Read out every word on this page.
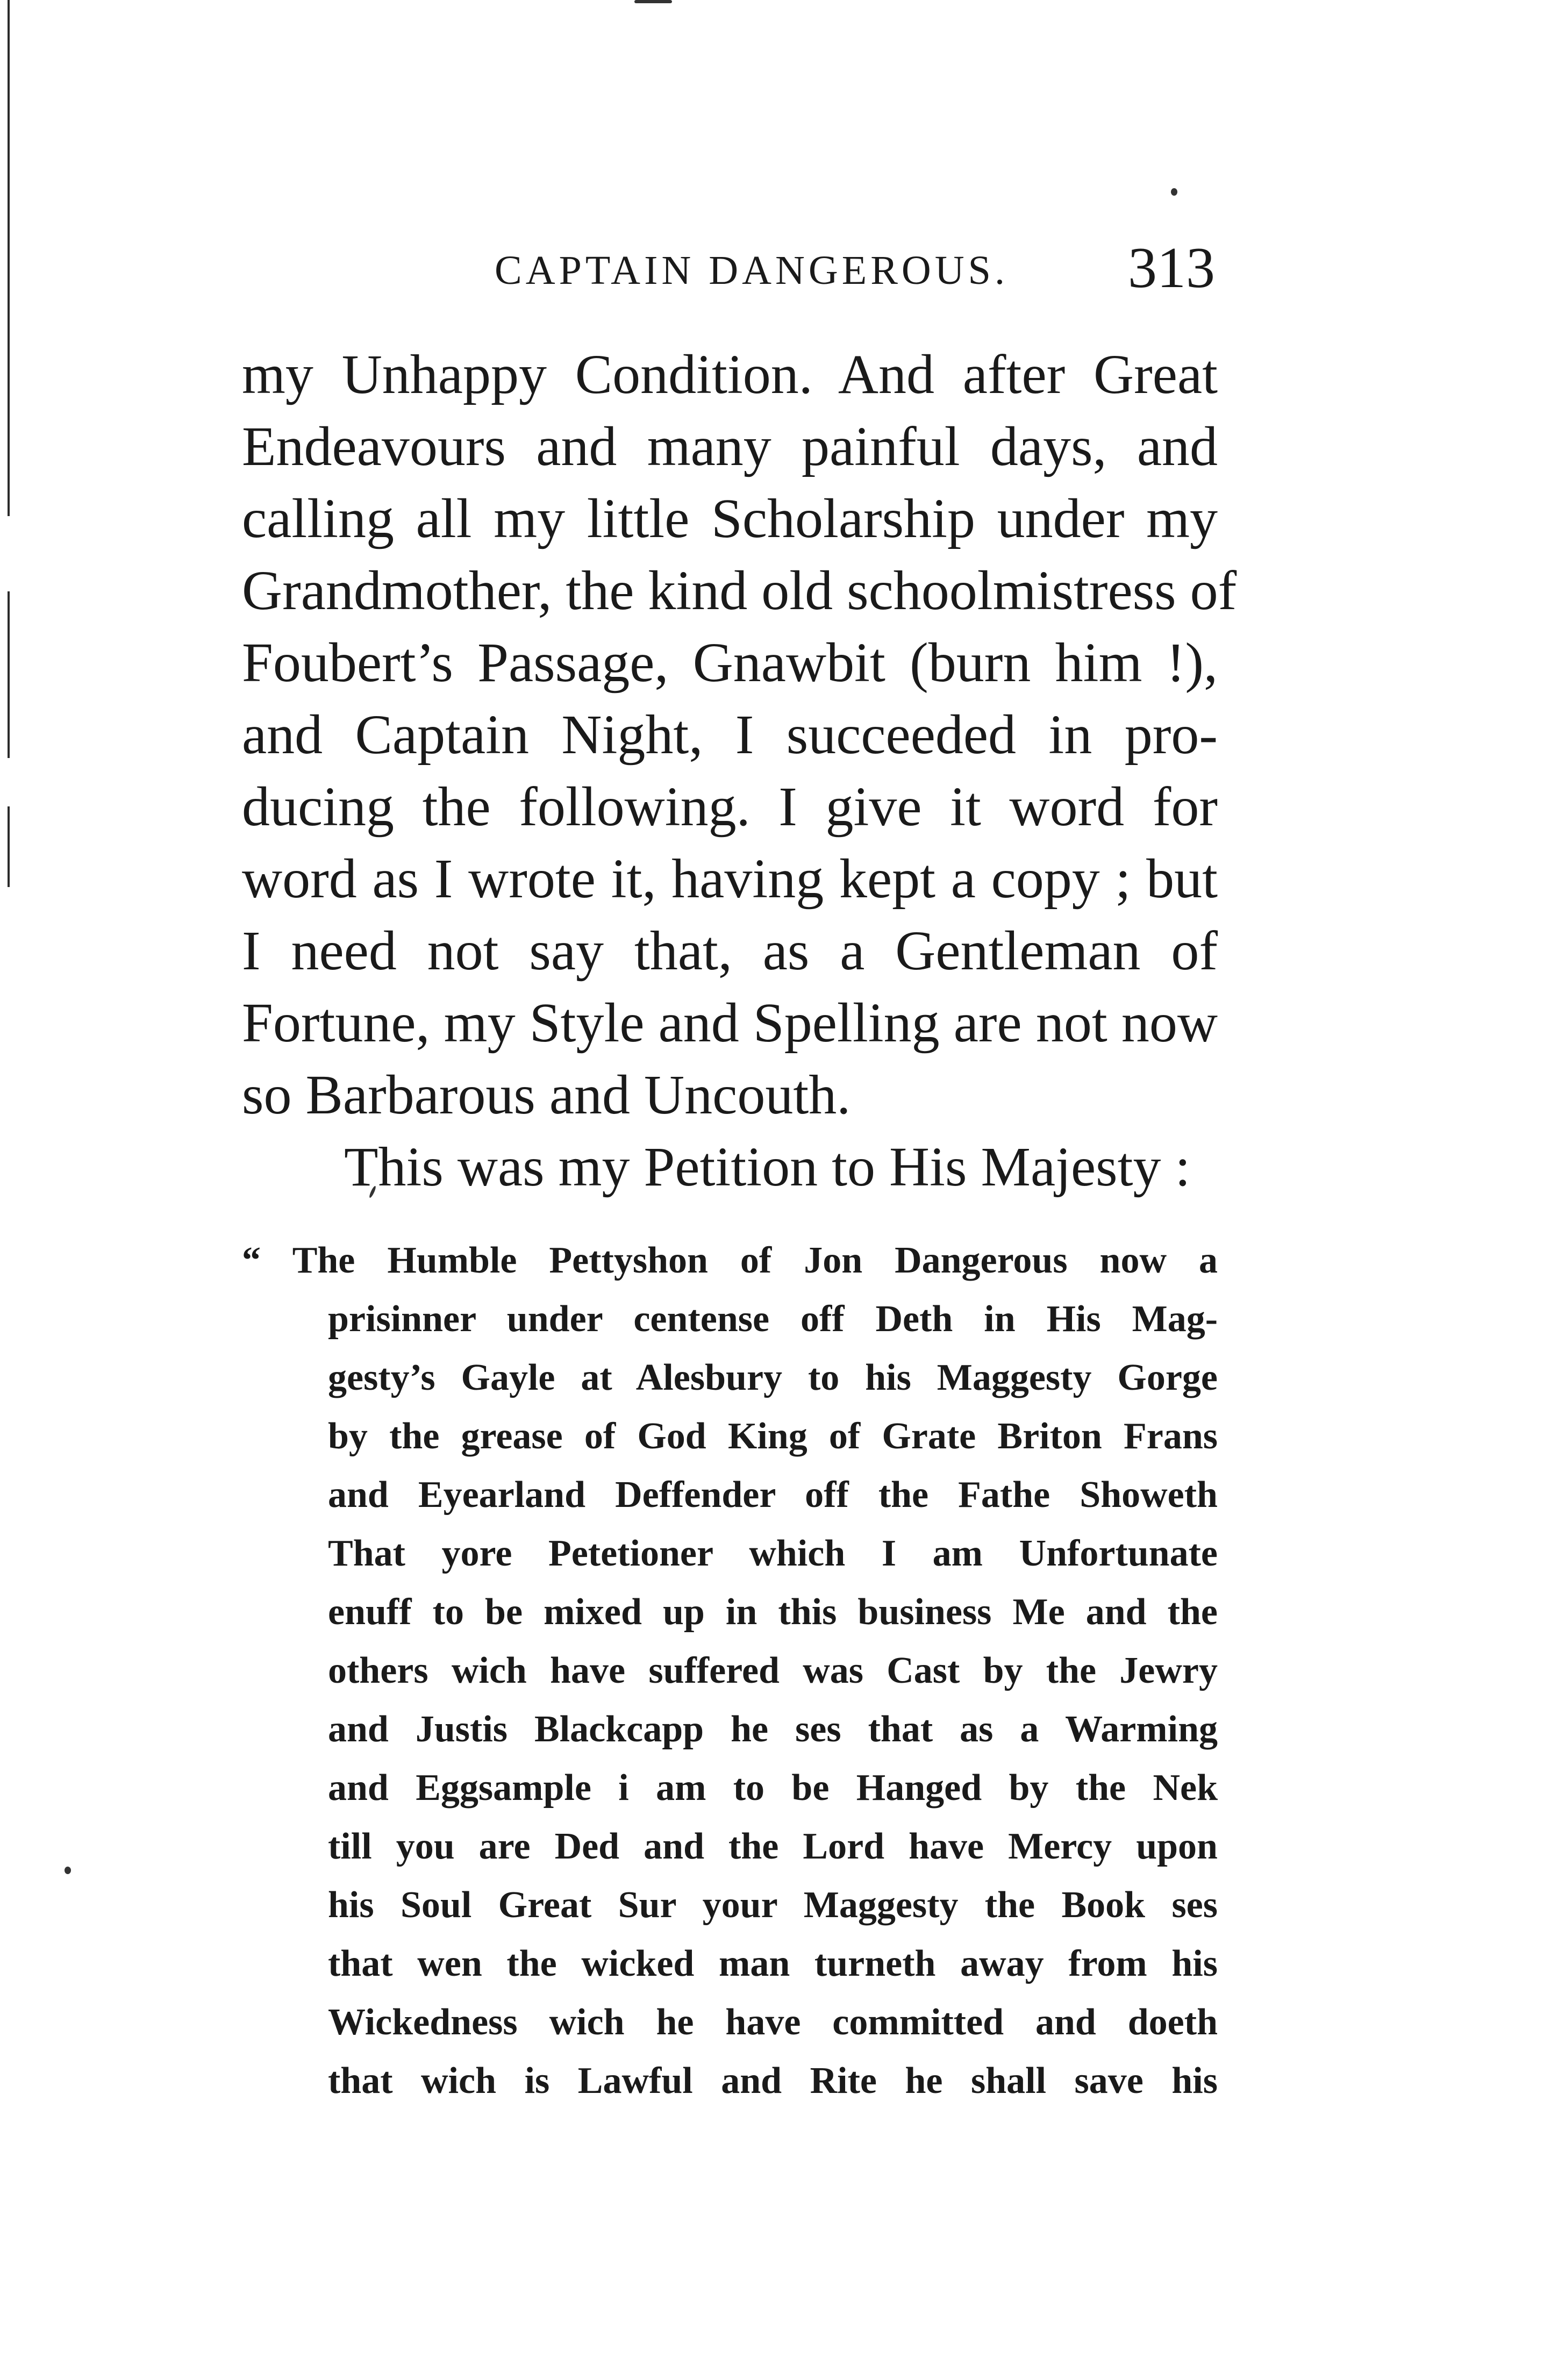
CAPTAIN DANGEROUS. 313
my Unhappy Condition. And after Great
Endeavours and many painful days, and
calling all my little Scholarship under my
Grandmother, the kind old schoolmistress of
Foubert’s Passage, Gnawbit (burn him !),
and Captain Night, I succeeded in pro-
ducing the following. I give it word for
word as I wrote it, having kept a copy ; but
I need not say that, as a Gentleman of
Fortune, my Style and Spelling are not now
so Barbarous and Uncouth.
This was my Petition to His Majesty :
“ The Humble Pettyshon of Jon Dangerous now a
prisinner under centense off Deth in His Mag-
gesty’s Gayle at Alesbury to his Maggesty Gorge
by the grease of God King of Grate Briton Frans
and Eyearland Deffender off the Fathe Showeth
That yore Petetioner which I am Unfortunate
enuff to be mixed up in this business Me and the
others wich have suffered was Cast by the Jewry
and Justis Blackcapp he ses that as a Warming
and Eggsample i am to be Hanged by the Nek
till you are Ded and the Lord have Mercy upon
his Soul Great Sur your Maggesty the Book ses
that wen the wicked man turneth away from his
Wickedness wich he have committed and doeth
that wich is Lawful and Rite he shall save his
